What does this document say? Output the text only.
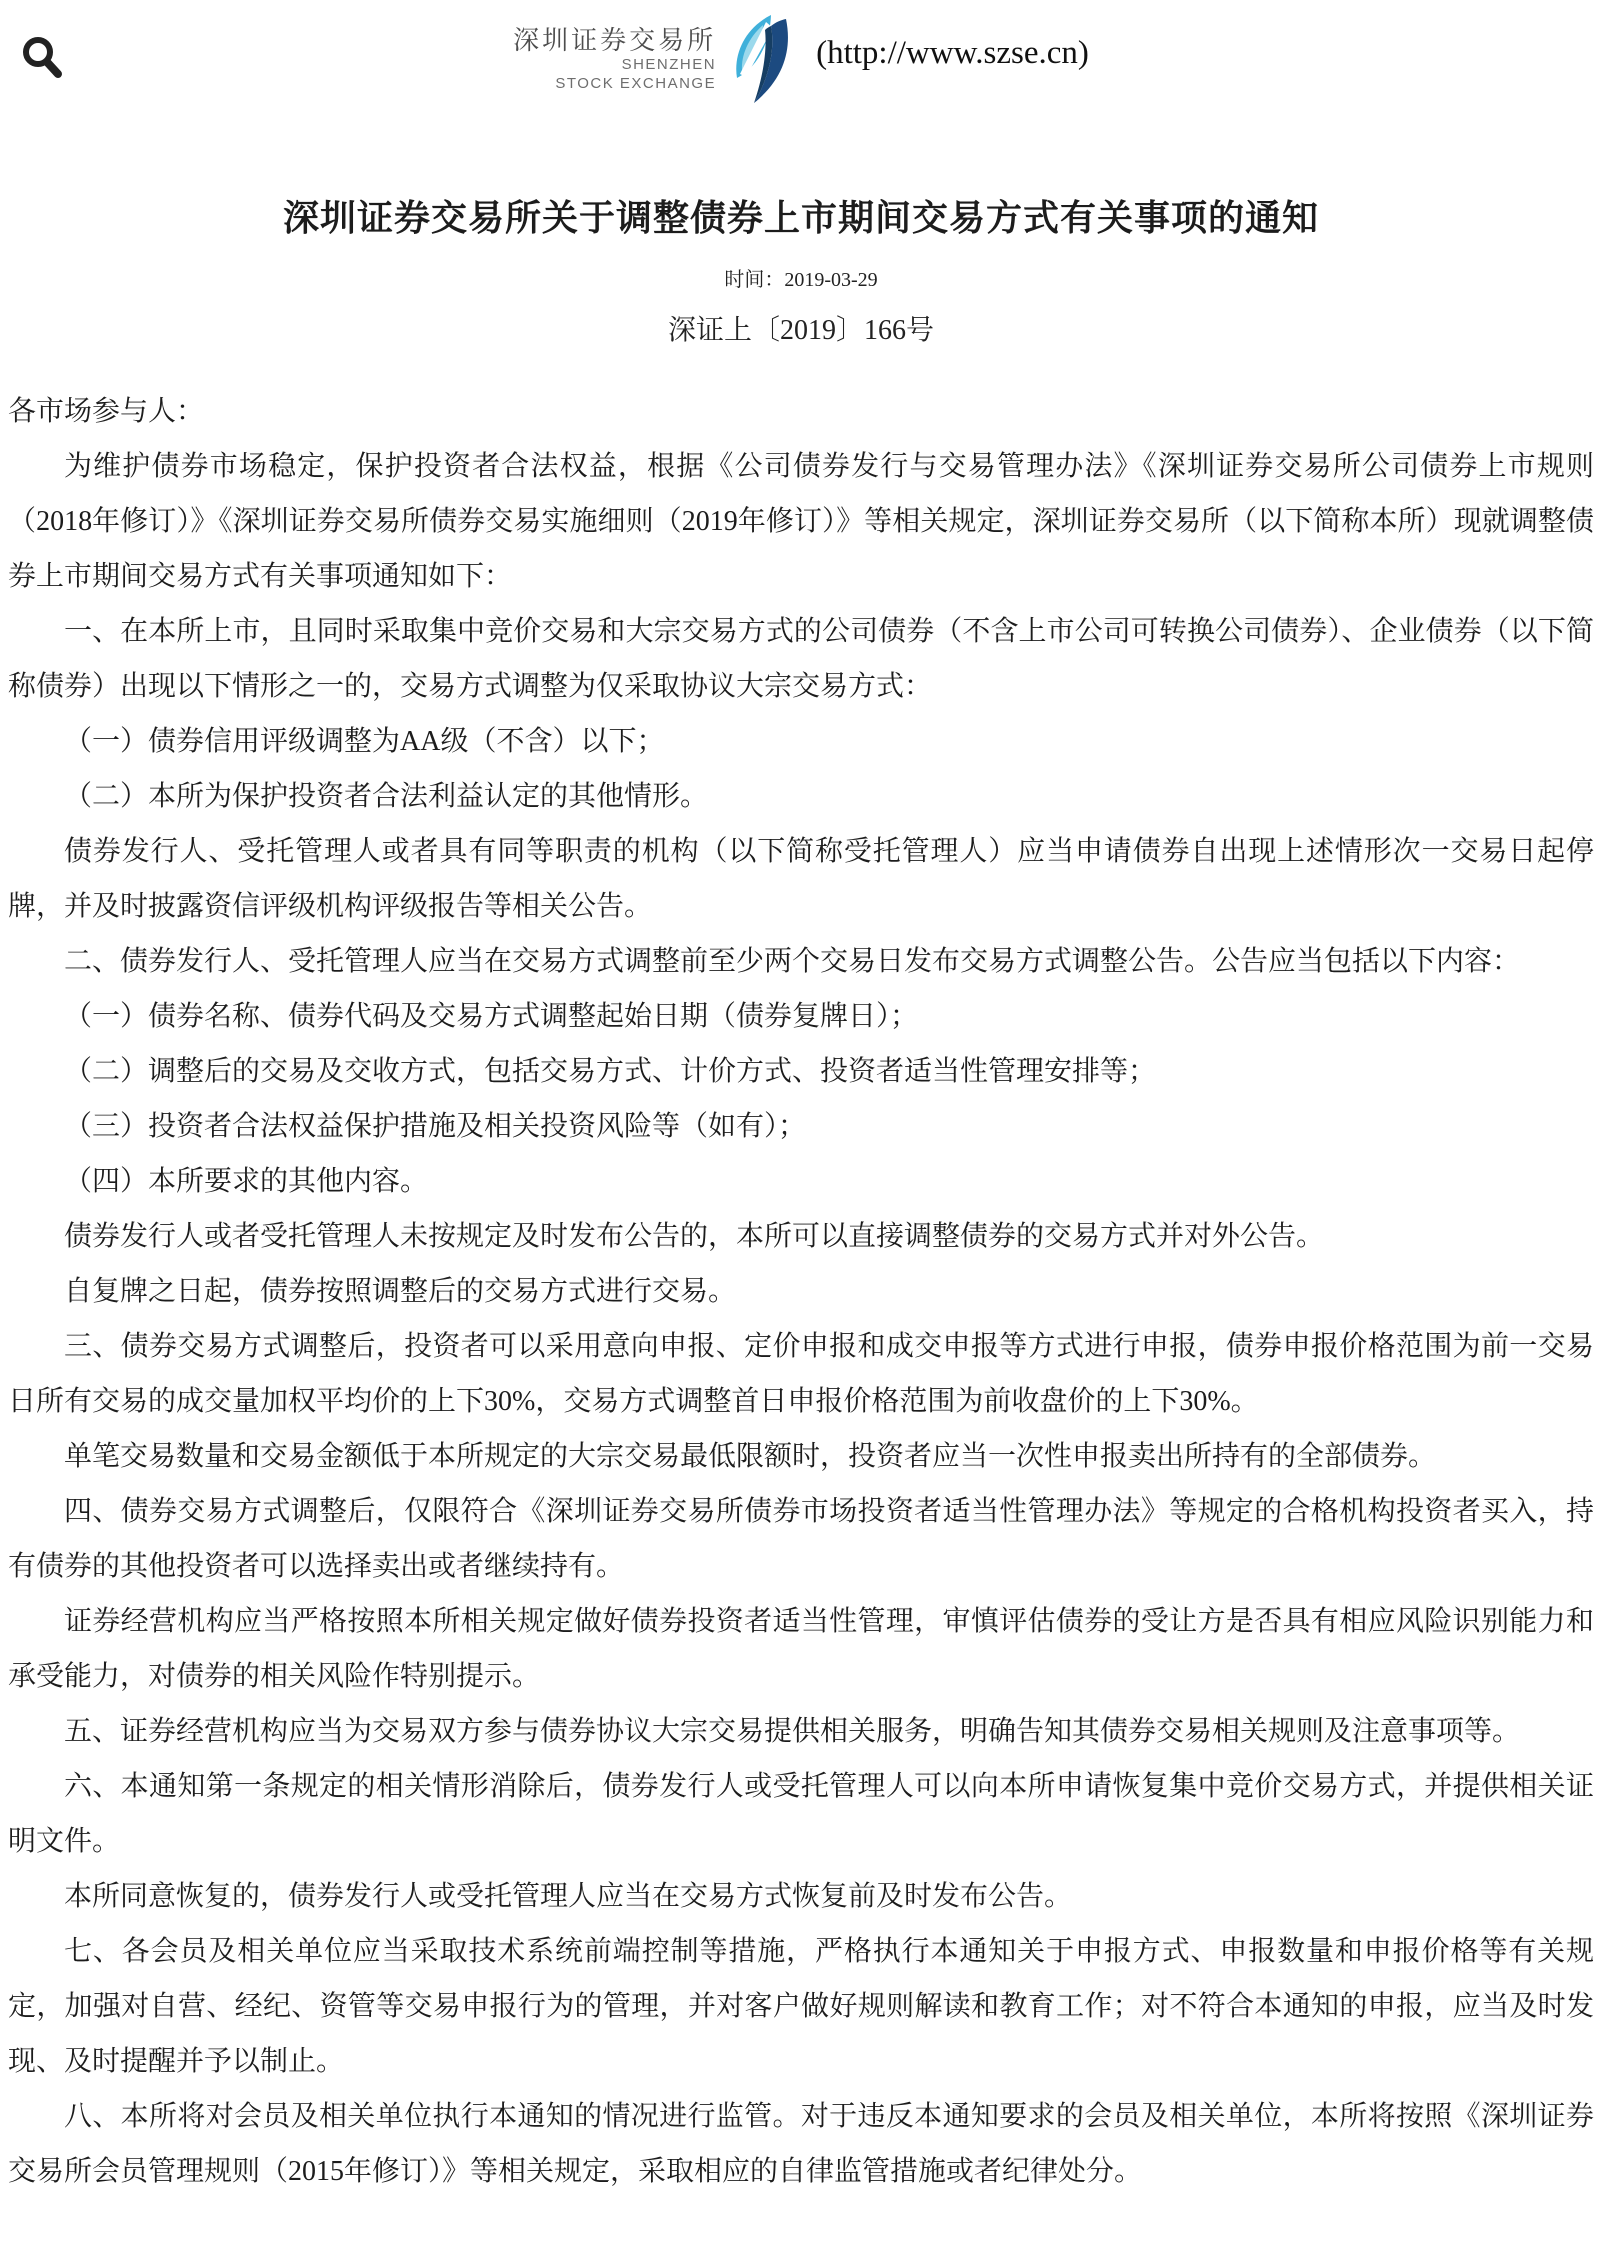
深圳证券交易所
SHENZHEN
STOCK EXCHANGE
(http://www.szse.cn)
深圳证券交易所关于调整债券上市期间交易方式有关事项的通知
时间：2019-03-29
深证上〔2019〕166号

各市场参与人：

为维护债券市场稳定，保护投资者合法权益，根据《公司债券发行与交易管理办法》《深圳证券交易所公司债券上市规则（2018年修订）》《深圳证券交易所债券交易实施细则（2019年修订）》等相关规定，深圳证券交易所（以下简称本所）现就调整债券上市期间交易方式有关事项通知如下：

一、在本所上市，且同时采取集中竞价交易和大宗交易方式的公司债券（不含上市公司可转换公司债券）、企业债券（以下简称债券）出现以下情形之一的，交易方式调整为仅采取协议大宗交易方式：

（一）债券信用评级调整为AA级（不含）以下；

（二）本所为保护投资者合法利益认定的其他情形。

债券发行人、受托管理人或者具有同等职责的机构（以下简称受托管理人）应当申请债券自出现上述情形次一交易日起停牌，并及时披露资信评级机构评级报告等相关公告。

二、债券发行人、受托管理人应当在交易方式调整前至少两个交易日发布交易方式调整公告。公告应当包括以下内容：

（一）债券名称、债券代码及交易方式调整起始日期（债券复牌日）；

（二）调整后的交易及交收方式，包括交易方式、计价方式、投资者适当性管理安排等；

（三）投资者合法权益保护措施及相关投资风险等（如有）；

（四）本所要求的其他内容。

债券发行人或者受托管理人未按规定及时发布公告的，本所可以直接调整债券的交易方式并对外公告。

自复牌之日起，债券按照调整后的交易方式进行交易。

三、债券交易方式调整后，投资者可以采用意向申报、定价申报和成交申报等方式进行申报，债券申报价格范围为前一交易日所有交易的成交量加权平均价的上下30%，交易方式调整首日申报价格范围为前收盘价的上下30%。

单笔交易数量和交易金额低于本所规定的大宗交易最低限额时，投资者应当一次性申报卖出所持有的全部债券。

四、债券交易方式调整后，仅限符合《深圳证券交易所债券市场投资者适当性管理办法》等规定的合格机构投资者买入，持有债券的其他投资者可以选择卖出或者继续持有。

证券经营机构应当严格按照本所相关规定做好债券投资者适当性管理，审慎评估债券的受让方是否具有相应风险识别能力和承受能力，对债券的相关风险作特别提示。

五、证券经营机构应当为交易双方参与债券协议大宗交易提供相关服务，明确告知其债券交易相关规则及注意事项等。

六、本通知第一条规定的相关情形消除后，债券发行人或受托管理人可以向本所申请恢复集中竞价交易方式，并提供相关证明文件。

本所同意恢复的，债券发行人或受托管理人应当在交易方式恢复前及时发布公告。

七、各会员及相关单位应当采取技术系统前端控制等措施，严格执行本通知关于申报方式、申报数量和申报价格等有关规定，加强对自营、经纪、资管等交易申报行为的管理，并对客户做好规则解读和教育工作；对不符合本通知的申报，应当及时发现、及时提醒并予以制止。

八、本所将对会员及相关单位执行本通知的情况进行监管。对于违反本通知要求的会员及相关单位，本所将按照《深圳证券交易所会员管理规则（2015年修订）》等相关规定，采取相应的自律监管措施或者纪律处分。
